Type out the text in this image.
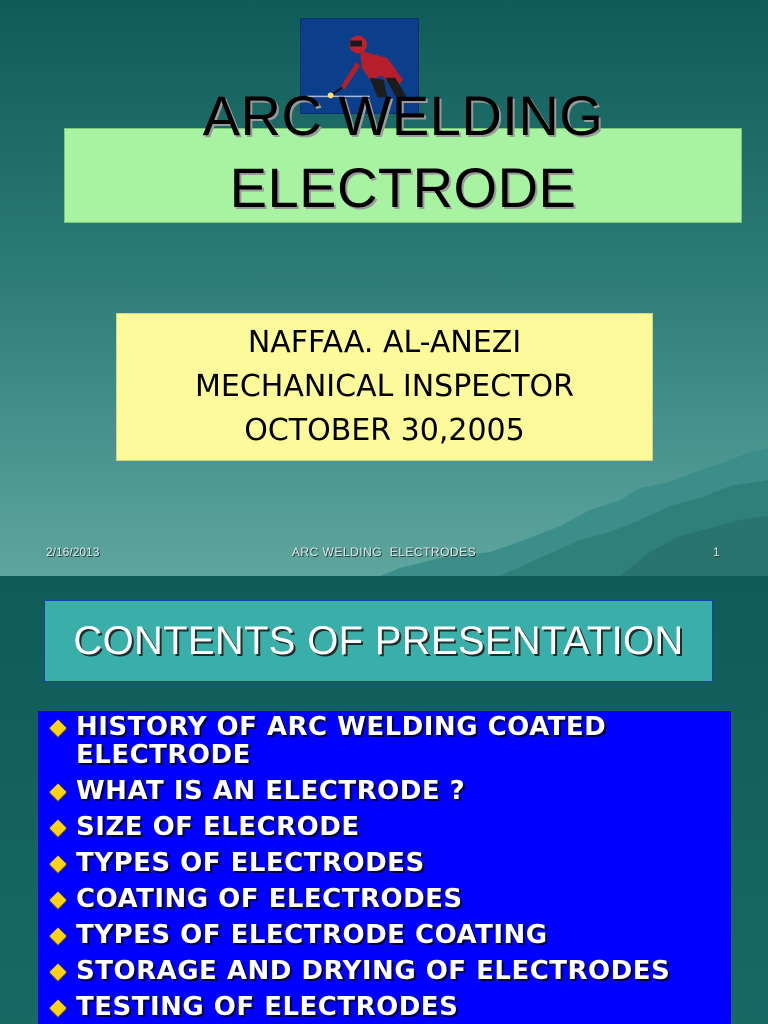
ARC WELDING
ELECTRODE
NAFFAA. AL-ANEZI
MECHANICAL INSPECTOR
OCTOBER 30,2005
2/16/2013	ARC WELDING  ELECTRODES	1
CONTENTS OF PRESENTATION
HISTORY OF ARC WELDING COATED ELECTRODE
WHAT IS AN ELECTRODE ?
SIZE OF ELECRODE
TYPES OF ELECTRODES
COATING OF ELECTRODES
TYPES OF ELECTRODE COATING
STORAGE AND DRYING OF ELECTRODES
TESTING OF ELECTRODES
